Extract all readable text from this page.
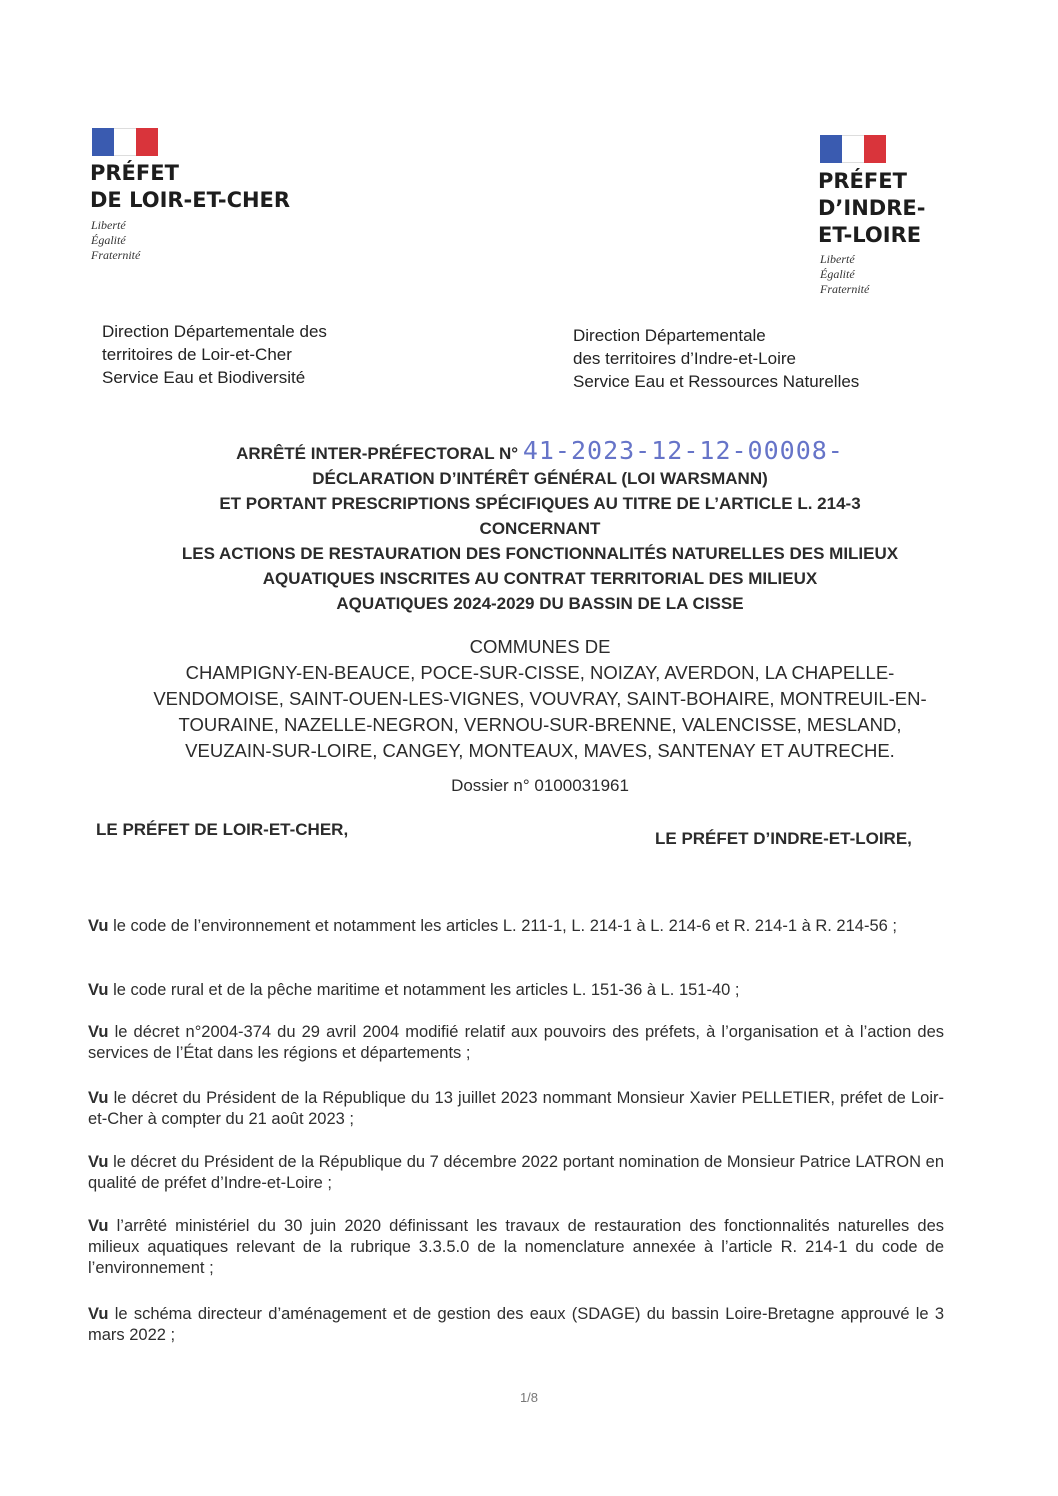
PRÉFET
DE LOIR-ET-CHER
Liberté
Égalité
Fraternité
PRÉFET
D’INDRE-
ET-LOIRE
Liberté
Égalité
Fraternité
Direction Départementale des
territoires de Loir-et-Cher
Service Eau et Biodiversité
Direction Départementale
des territoires d’Indre-et-Loire
Service Eau et Ressources Naturelles
ARRÊTÉ INTER-PRÉFECTORAL N° 41-2023-12-12-00008-
DÉCLARATION D’INTÉRÊT GÉNÉRAL (LOI WARSMANN)
ET PORTANT PRESCRIPTIONS SPÉCIFIQUES AU TITRE DE L’ARTICLE L. 214-3
CONCERNANT
LES ACTIONS DE RESTAURATION DES FONCTIONNALITÉS NATURELLES DES MILIEUX
AQUATIQUES INSCRITES AU CONTRAT TERRITORIAL DES MILIEUX
AQUATIQUES 2024-2029 DU BASSIN DE LA CISSE
COMMUNES DE
CHAMPIGNY-EN-BEAUCE, POCE-SUR-CISSE, NOIZAY, AVERDON, LA CHAPELLE-
VENDOMOISE, SAINT-OUEN-LES-VIGNES, VOUVRAY, SAINT-BOHAIRE, MONTREUIL-EN-
TOURAINE, NAZELLE-NEGRON, VERNOU-SUR-BRENNE, VALENCISSE, MESLAND,
VEUZAIN-SUR-LOIRE, CANGEY, MONTEAUX, MAVES, SANTENAY ET AUTRECHE.
Dossier n° 0100031961
LE PRÉFET DE LOIR-ET-CHER,	LE PRÉFET D’INDRE-ET-LOIRE,
Vu le code de l’environnement et notamment les articles L. 211-1, L. 214-1 à L. 214-6 et R. 214-1 à R. 214-56 ;
Vu le code rural et de la pêche maritime et notamment les articles L. 151-36 à L. 151-40 ;
Vu le décret n°2004-374 du 29 avril 2004 modifié relatif aux pouvoirs des préfets, à l’organisation et à l’action des services de l’État dans les régions et départements ;
Vu le décret du Président de la République du 13 juillet 2023 nommant Monsieur Xavier PELLETIER, préfet de Loir-et-Cher à compter du 21 août 2023 ;
Vu le décret du Président de la République du 7 décembre 2022 portant nomination de Monsieur Patrice LATRON en qualité de préfet d’Indre-et-Loire ;
Vu l’arrêté ministériel du 30 juin 2020 définissant les travaux de restauration des fonctionnalités naturelles des milieux aquatiques relevant de la rubrique 3.3.5.0 de la nomenclature annexée à l’article R. 214-1 du code de l’environnement ;
Vu le schéma directeur d’aménagement et de gestion des eaux (SDAGE) du bassin Loire-Bretagne approuvé le 3 mars 2022 ;
1/8
